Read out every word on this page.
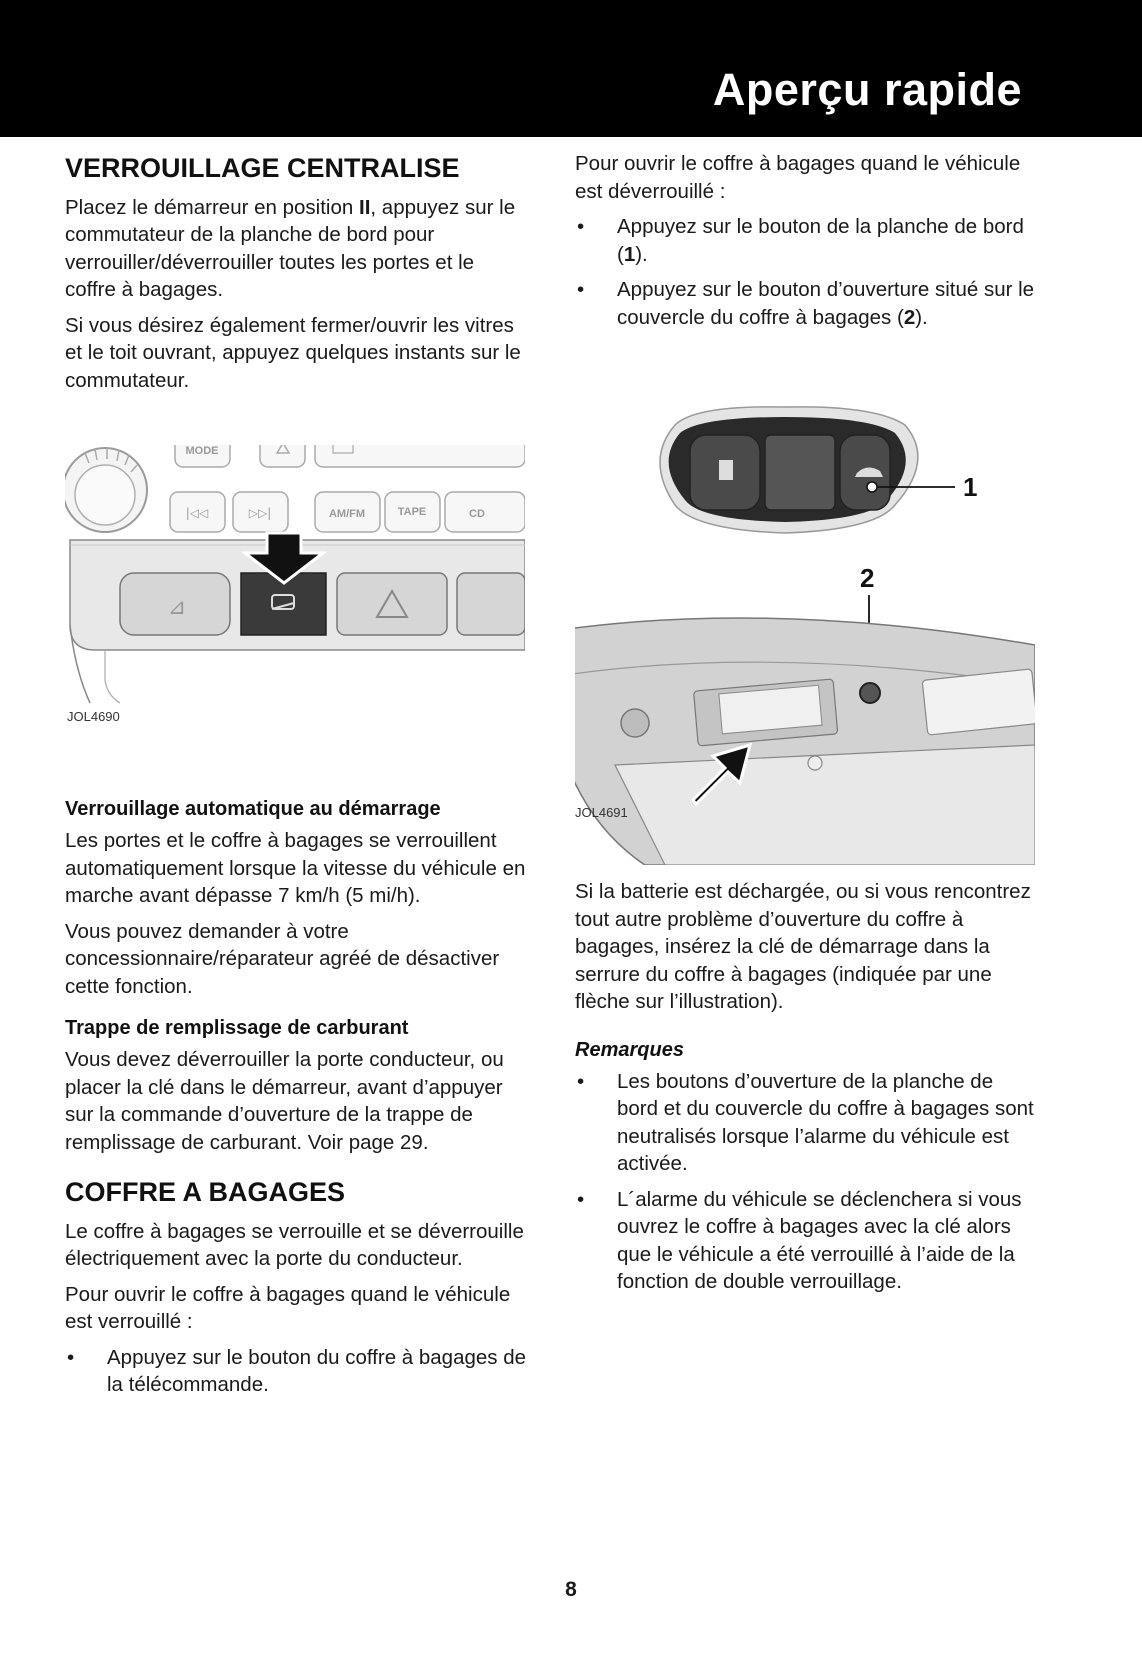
Aperçu rapide
VERROUILLAGE CENTRALISE

Placez le démarreur en position II, appuyez sur le commutateur de la planche de bord pour verrouiller/déverrouiller toutes les portes et le coffre à bagages.

Si vous désirez également fermer/ouvrir les vitres et le toit ouvrant, appuyez quelques instants sur le commutateur.

Pour ouvrir le coffre à bagages quand le véhicule est déverrouillé :

• Appuyez sur le bouton de la planche de bord (1).
• Appuyez sur le bouton d’ouverture situé sur le couvercle du coffre à bagages (2).
MODE
|◁◁	▷▷|	AM/FM	TAPE	CD
⊿
JOL4690
1
2
JOL4691
Verrouillage automatique au démarrage

Les portes et le coffre à bagages se verrouillent automatiquement lorsque la vitesse du véhicule en marche avant dépasse 7 km/h (5 mi/h).

Vous pouvez demander à votre concessionnaire/réparateur agréé de désactiver cette fonction.

Trappe de remplissage de carburant

Vous devez déverrouiller la porte conducteur, ou placer la clé dans le démarreur, avant d’appuyer sur la commande d’ouverture de la trappe de remplissage de carburant. Voir page 29.

COFFRE A BAGAGES

Le coffre à bagages se verrouille et se déverrouille électriquement avec la porte du conducteur.

Pour ouvrir le coffre à bagages quand le véhicule est verrouillé :

• Appuyez sur le bouton du coffre à bagages de la télécommande.

Si la batterie est déchargée, ou si vous rencontrez tout autre problème d’ouverture du coffre à bagages, insérez la clé de démarrage dans la serrure du coffre à bagages (indiquée par une flèche sur l’illustration).

Remarques
• Les boutons d’ouverture de la planche de bord et du couvercle du coffre à bagages sont neutralisés lorsque l’alarme du véhicule est activée.
• L´alarme du véhicule se déclenchera si vous ouvrez le coffre à bagages avec la clé alors que le véhicule a été verrouillé à l’aide de la fonction de double verrouillage.
8
